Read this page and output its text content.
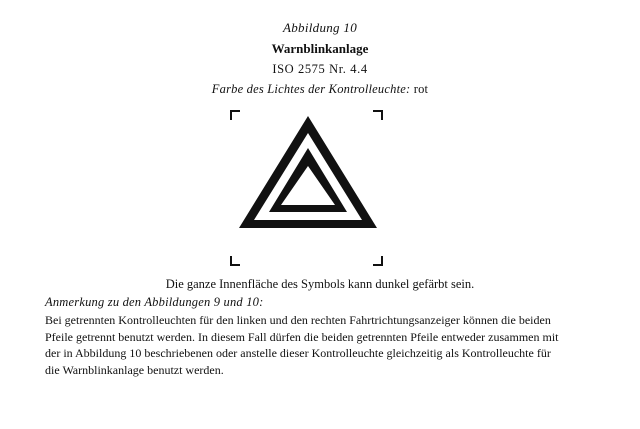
Abbildung 10
Warnblinkanlage
ISO 2575 Nr. 4.4
Farbe des Lichtes der Kontrolleuchte: rot
Die ganze Innenfläche des Symbols kann dunkel gefärbt sein.
Anmerkung zu den Abbildungen 9 und 10:
Bei getrennten Kontrolleuchten für den linken und den rechten Fahrtrichtungsanzeiger können die beiden
Pfeile getrennt benutzt werden. In diesem Fall dürfen die beiden getrennten Pfeile entweder zusammen mit
der in Abbildung 10 beschriebenen oder anstelle dieser Kontrolleuchte gleichzeitig als Kontrolleuchte für
die Warnblinkanlage benutzt werden.
